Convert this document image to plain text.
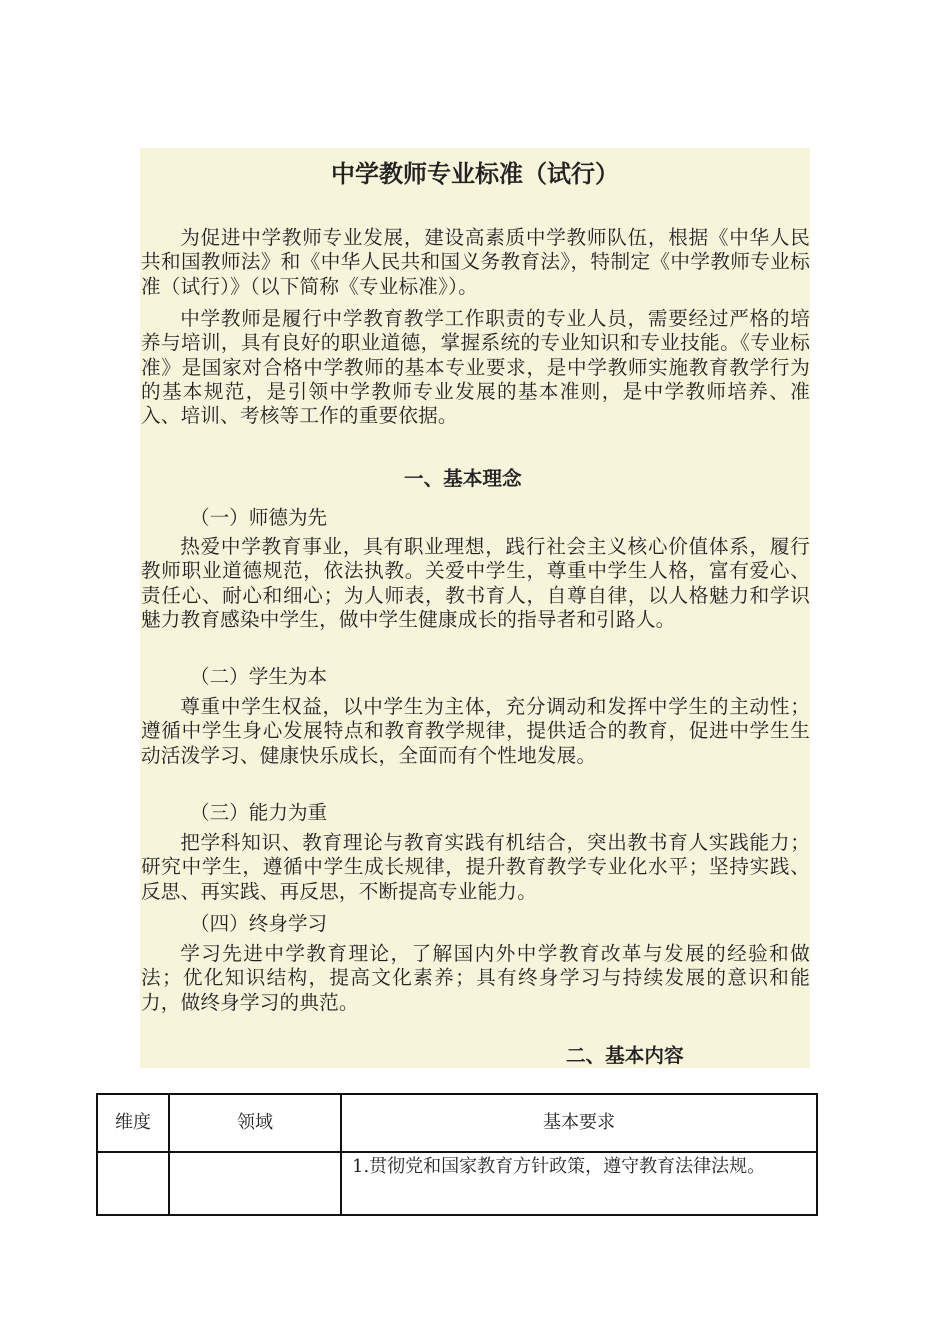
中学教师专业标准（试行）

为促进中学教师专业发展，建设高素质中学教师队伍，根据《中华人民共和国教师法》和《中华人民共和国义务教育法》，特制定《中学教师专业标准（试行）》（以下简称《专业标准》）。

中学教师是履行中学教育教学工作职责的专业人员，需要经过严格的培养与培训，具有良好的职业道德，掌握系统的专业知识和专业技能。《专业标准》是国家对合格中学教师的基本专业要求，是中学教师实施教育教学行为的基本规范，是引领中学教师专业发展的基本准则，是中学教师培养、准入、培训、考核等工作的重要依据。

一、基本理念
（一）师德为先

热爱中学教育事业，具有职业理想，践行社会主义核心价值体系，履行教师职业道德规范，依法执教。关爱中学生，尊重中学生人格，富有爱心、责任心、耐心和细心；为人师表，教书育人，自尊自律，以人格魅力和学识魅力教育感染中学生，做中学生健康成长的指导者和引路人。

（二）学生为本

尊重中学生权益，以中学生为主体，充分调动和发挥中学生的主动性；遵循中学生身心发展特点和教育教学规律，提供适合的教育，促进中学生生动活泼学习、健康快乐成长，全面而有个性地发展。

（三）能力为重

把学科知识、教育理论与教育实践有机结合，突出教书育人实践能力；研究中学生，遵循中学生成长规律，提升教育教学专业化水平；坚持实践、反思、再实践、再反思，不断提高专业能力。

（四）终身学习

学习先进中学教育理论，了解国内外中学教育改革与发展的经验和做法；优化知识结构，提高文化素养；具有终身学习与持续发展的意识和能力，做终身学习的典范。

二、基本内容
维度	领域	基本要求
		1.贯彻党和国家教育方针政策，遵守教育法律法规。
